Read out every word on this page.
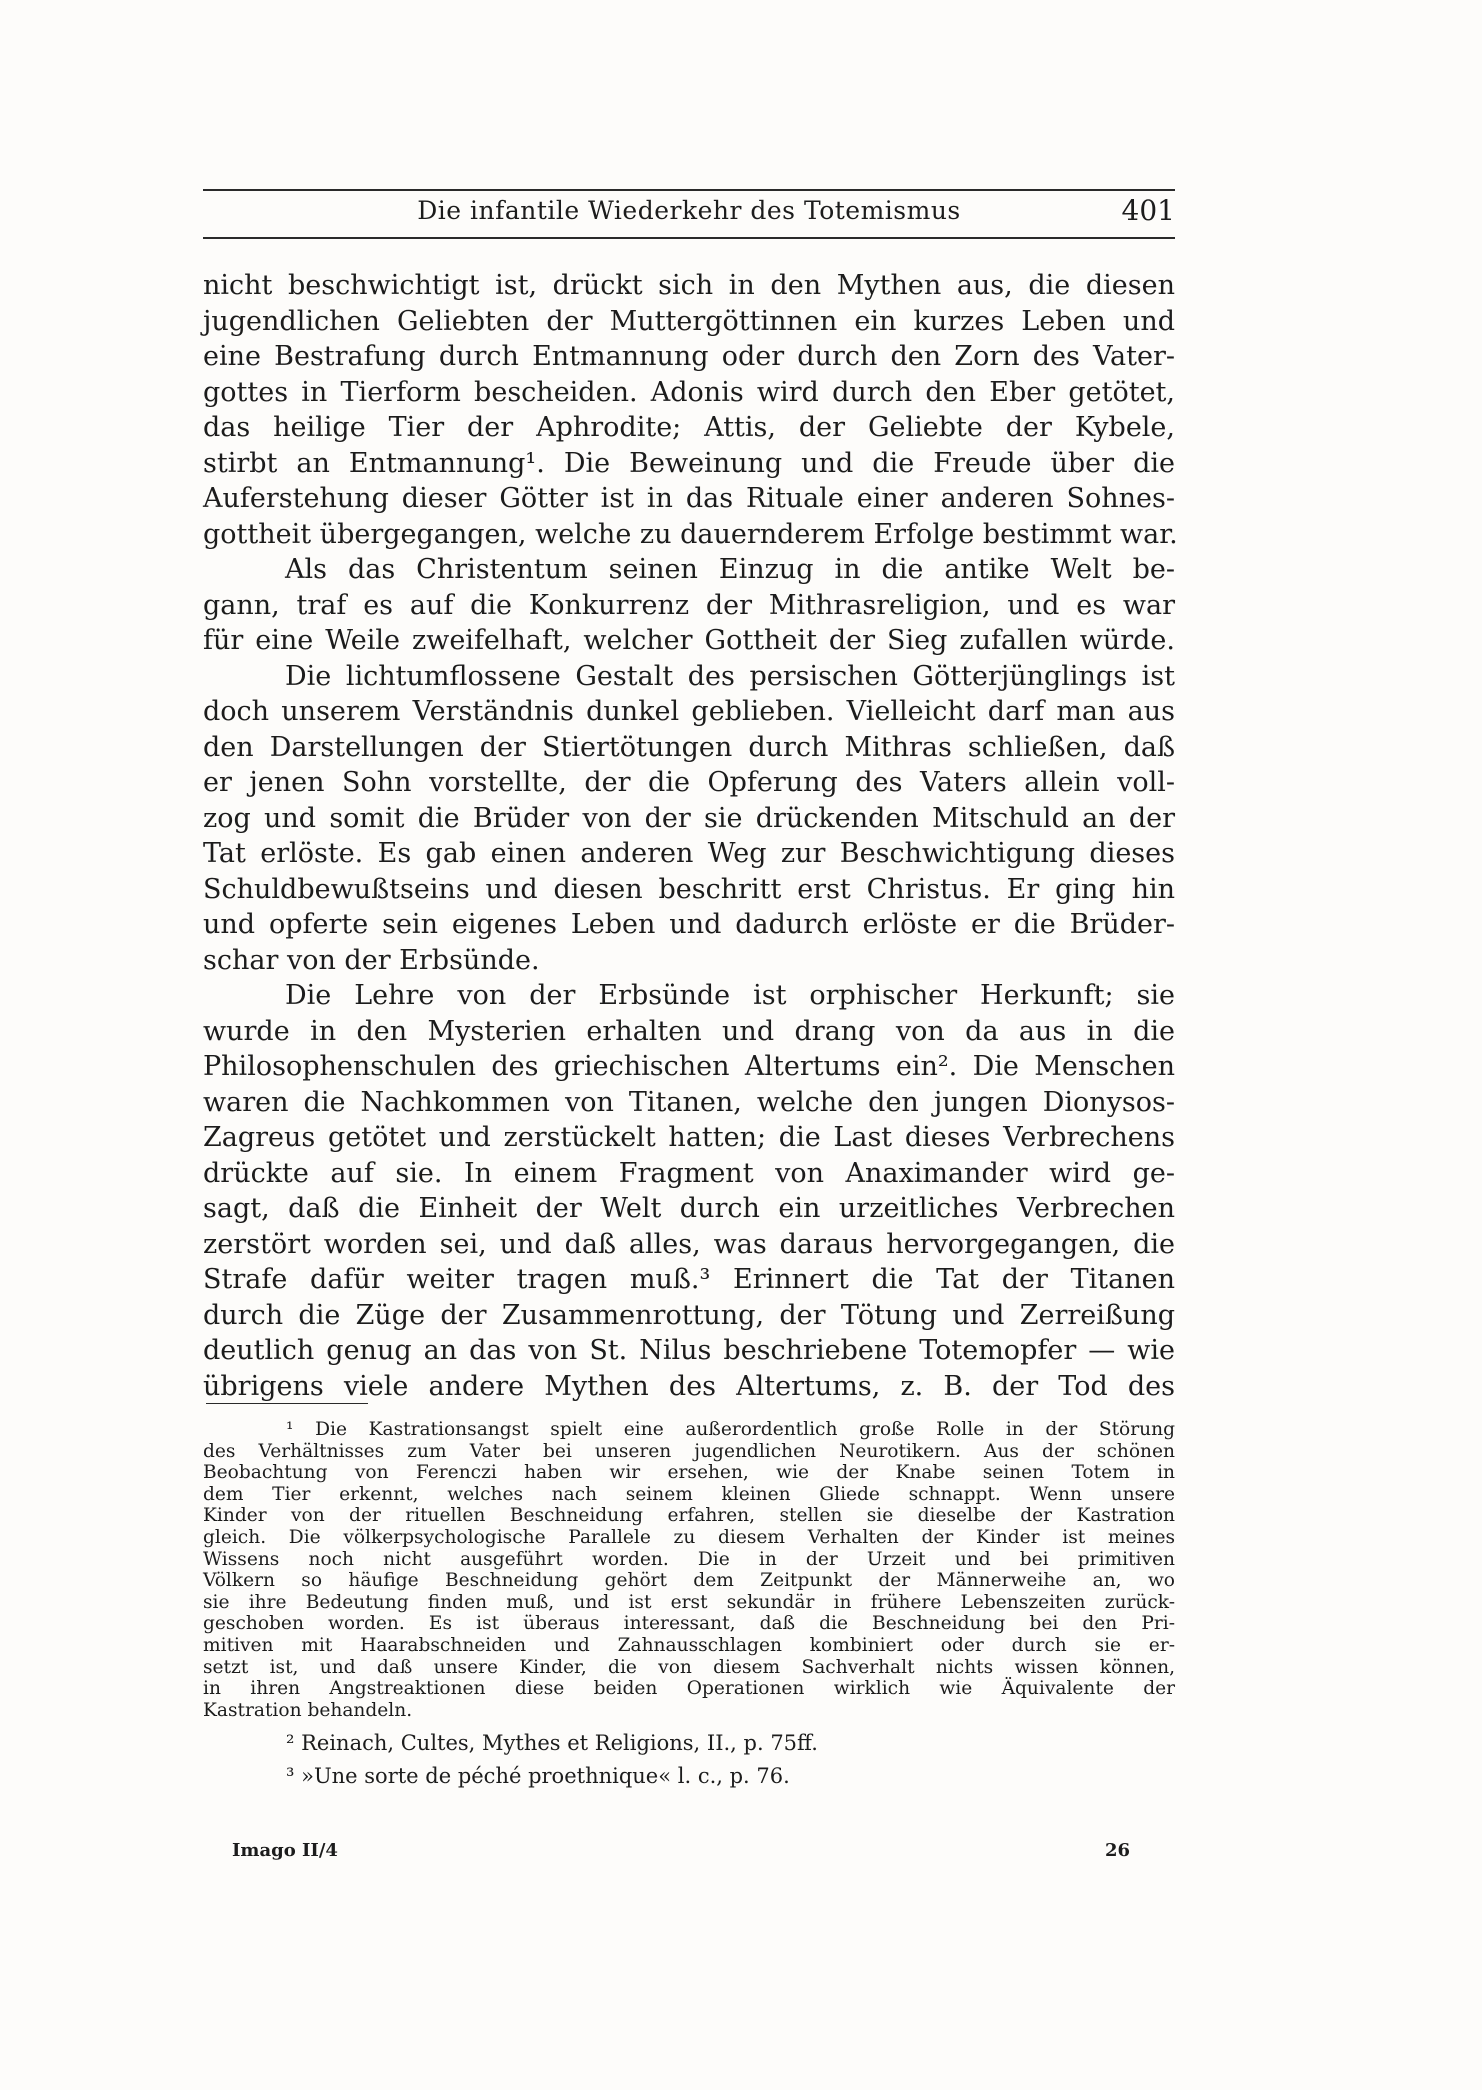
Die infantile Wiederkehr des Totemismus	401
nicht beschwichtigt ist, drückt sich in den Mythen aus, die diesen
jugendlichen Geliebten der Muttergöttinnen ein kurzes Leben und
eine Bestrafung durch Entmannung oder durch den Zorn des Vater-
gottes in Tierform bescheiden. Adonis wird durch den Eber getötet,
das heilige Tier der Aphrodite; Attis, der Geliebte der Kybele,
stirbt an Entmannung¹. Die Beweinung und die Freude über die
Auferstehung dieser Götter ist in das Rituale einer anderen Sohnes-
gottheit übergegangen, welche zu dauernderem Erfolge bestimmt war.
Als das Christentum seinen Einzug in die antike Welt be-
gann, traf es auf die Konkurrenz der Mithrasreligion, und es war
für eine Weile zweifelhaft, welcher Gottheit der Sieg zufallen würde.
Die lichtumflossene Gestalt des persischen Götterjünglings ist
doch unserem Verständnis dunkel geblieben. Vielleicht darf man aus
den Darstellungen der Stiertötungen durch Mithras schließen, daß
er jenen Sohn vorstellte, der die Opferung des Vaters allein voll-
zog und somit die Brüder von der sie drückenden Mitschuld an der
Tat erlöste. Es gab einen anderen Weg zur Beschwichtigung dieses
Schuldbewußtseins und diesen beschritt erst Christus. Er ging hin
und opferte sein eigenes Leben und dadurch erlöste er die Brüder-
schar von der Erbsünde.
Die Lehre von der Erbsünde ist orphischer Herkunft; sie
wurde in den Mysterien erhalten und drang von da aus in die
Philosophenschulen des griechischen Altertums ein². Die Menschen
waren die Nachkommen von Titanen, welche den jungen Dionysos-
Zagreus getötet und zerstückelt hatten; die Last dieses Verbrechens
drückte auf sie. In einem Fragment von Anaximander wird ge-
sagt, daß die Einheit der Welt durch ein urzeitliches Verbrechen
zerstört worden sei, und daß alles, was daraus hervorgegangen, die
Strafe dafür weiter tragen muß.³ Erinnert die Tat der Titanen
durch die Züge der Zusammenrottung, der Tötung und Zerreißung
deutlich genug an das von St. Nilus beschriebene Totemopfer — wie
übrigens viele andere Mythen des Altertums, z. B. der Tod des
¹ Die Kastrationsangst spielt eine außerordentlich große Rolle in der Störung
des Verhältnisses zum Vater bei unseren jugendlichen Neurotikern. Aus der schönen
Beobachtung von Ferenczi haben wir ersehen, wie der Knabe seinen Totem in
dem Tier erkennt, welches nach seinem kleinen Gliede schnappt. Wenn unsere
Kinder von der rituellen Beschneidung erfahren, stellen sie dieselbe der Kastration
gleich. Die völkerpsychologische Parallele zu diesem Verhalten der Kinder ist meines
Wissens noch nicht ausgeführt worden. Die in der Urzeit und bei primitiven
Völkern so häufige Beschneidung gehört dem Zeitpunkt der Männerweihe an, wo
sie ihre Bedeutung finden muß, und ist erst sekundär in frühere Lebenszeiten zurück-
geschoben worden. Es ist überaus interessant, daß die Beschneidung bei den Pri-
mitiven mit Haarabschneiden und Zahnausschlagen kombiniert oder durch sie er-
setzt ist, und daß unsere Kinder, die von diesem Sachverhalt nichts wissen können,
in ihren Angstreaktionen diese beiden Operationen wirklich wie Äquivalente der
Kastration behandeln.
² Reinach, Cultes, Mythes et Religions, II., p. 75ff.
³ »Une sorte de péché proethnique« l. c., p. 76.
Imago II/4	26
